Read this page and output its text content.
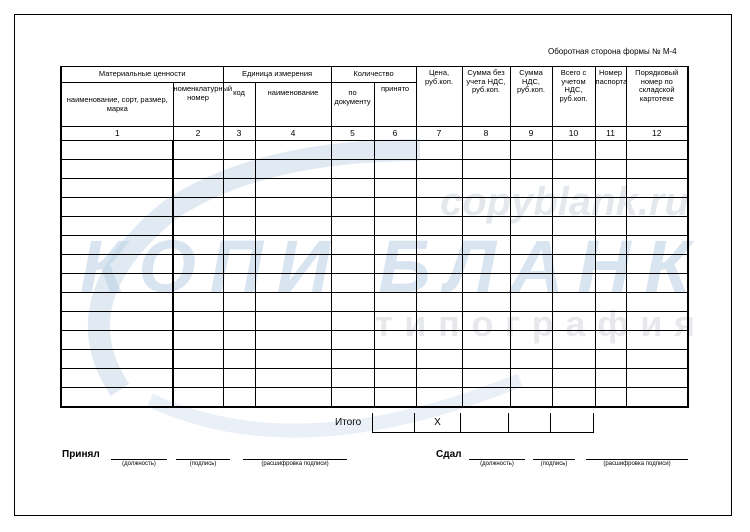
copyblank.ru
КОПИ БЛАНК
типография
Оборотная сторона формы № М-4
Материальные ценности		Единица измерения		Количество		Цена, руб.коп.	Сумма без учета НДС, руб.коп.	Сумма НДС, руб.коп.	Всего с учетом НДС, руб.коп.	Номер паспорта	Порядковый номер по складской картотеке
наименование, сорт, размер, марка	номенклатурный номер	код	наименование	по документу	принято						
1	2	3	4	5	6	7	8	9	10	11	12

Итого	X
Принял
(должность)	(подпись)	(расшифровка подписи)
Сдал
(должность)	(подпись)	(расшифровка подписи)
